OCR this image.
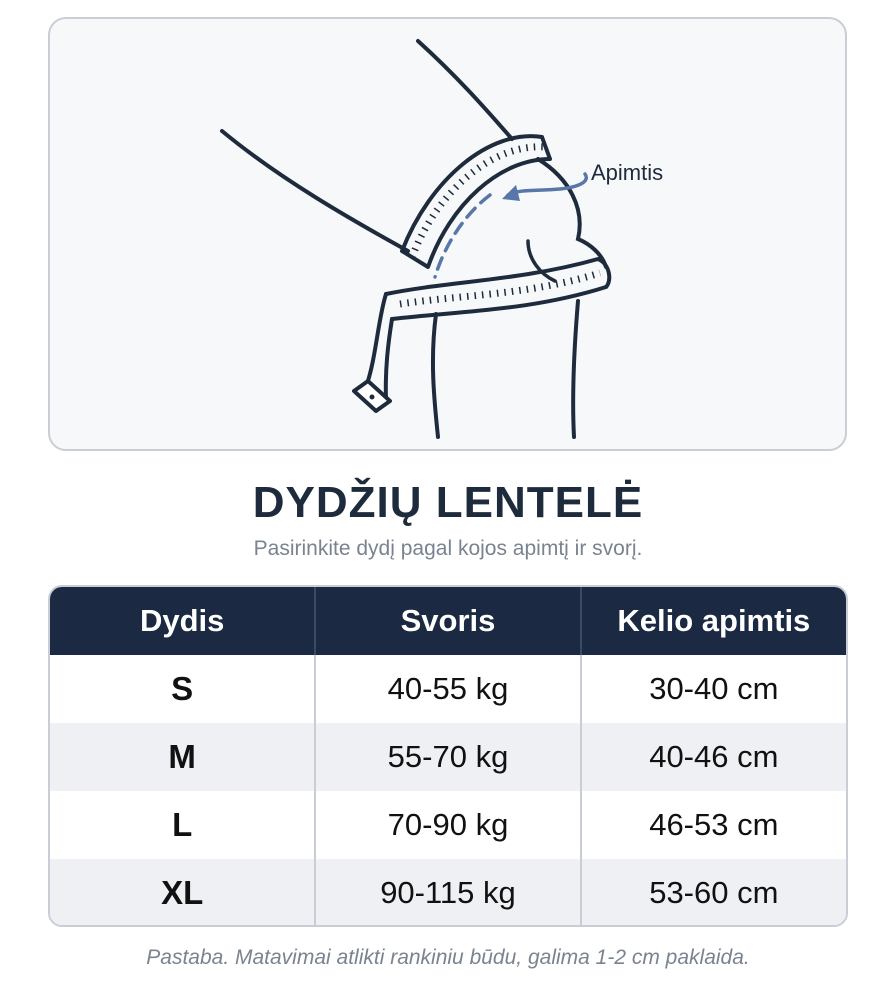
Apimtis
DYDŽIŲ LENTELĖ
Pasirinkite dydį pagal kojos apimtį ir svorį.
Dydis	Svoris	Kelio apimtis
S	40-55 kg	30-40 cm
M	55-70 kg	40-46 cm
L	70-90 kg	46-53 cm
XL	90-115 kg	53-60 cm
Pastaba. Matavimai atlikti rankiniu būdu, galima 1-2 cm paklaida.
